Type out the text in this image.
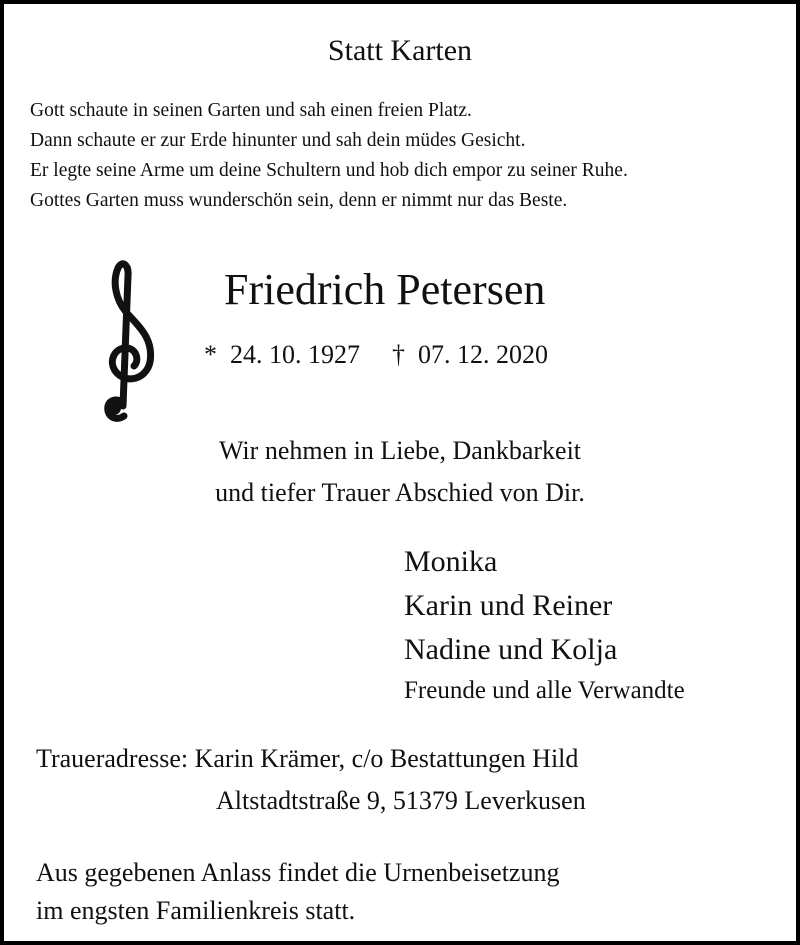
Statt Karten
Gott schaute in seinen Garten und sah einen freien Platz.
Dann schaute er zur Erde hinunter und sah dein müdes Gesicht.
Er legte seine Arme um deine Schultern und hob dich empor zu seiner Ruhe.
Gottes Garten muss wunderschön sein, denn er nimmt nur das Beste.
Friedrich Petersen
* 24. 10. 1927 † 07. 12. 2020
Wir nehmen in Liebe, Dankbarkeit
und tiefer Trauer Abschied von Dir.
Monika
Karin und Reiner
Nadine und Kolja
Freunde und alle Verwandte
Traueradresse: Karin Krämer, c/o Bestattungen Hild
Altstadtstraße 9, 51379 Leverkusen
Aus gegebenen Anlass findet die Urnenbeisetzung
im engsten Familienkreis statt.
